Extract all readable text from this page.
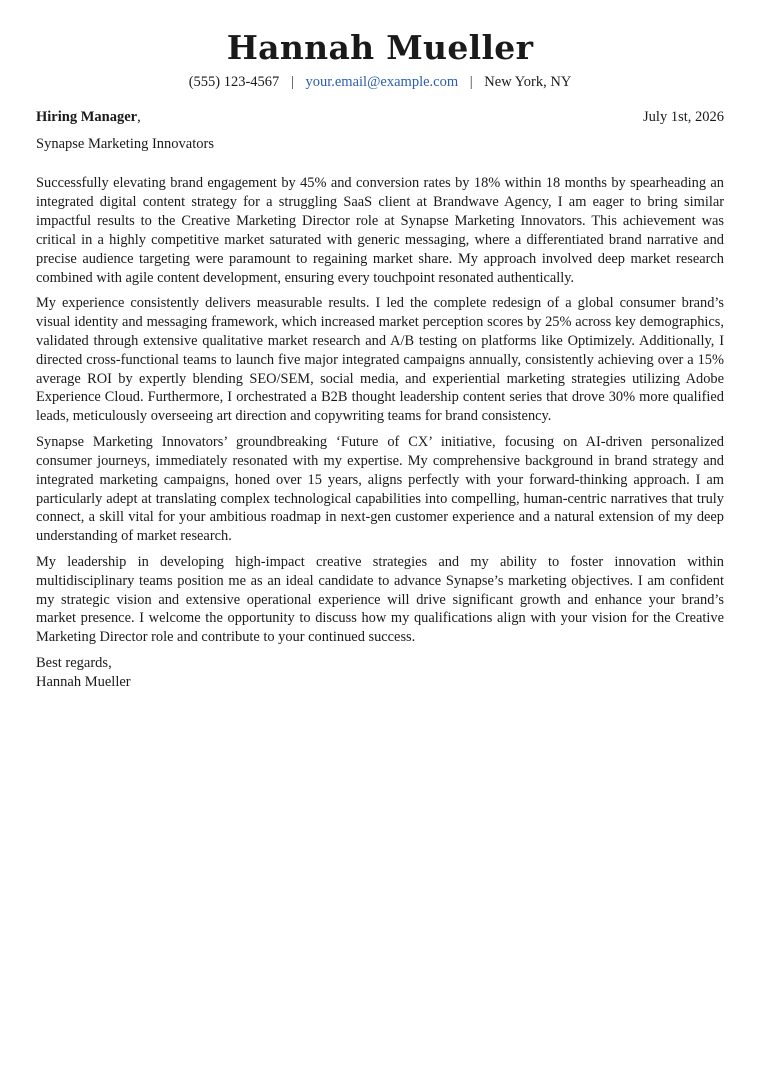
Hannah Mueller
(555) 123-4567 | your.email@example.com | New York, NY
Hiring Manager,	July 1st, 2026
Synapse Marketing Innovators

Successfully elevating brand engagement by 45% and conversion rates by 18% within 18 months by spearheading an integrated digital content strategy for a struggling SaaS client at Brandwave Agency, I am eager to bring similar impactful results to the Creative Marketing Director role at Synapse Marketing Innovators. This achievement was critical in a highly competitive market saturated with generic messaging, where a differentiated brand narrative and precise audience targeting were paramount to regaining market share. My approach involved deep market research combined with agile content development, ensuring every touchpoint resonated authentically.

My experience consistently delivers measurable results. I led the complete redesign of a global consumer brand’s visual identity and messaging framework, which increased market perception scores by 25% across key demographics, validated through extensive qualitative market research and A/B testing on platforms like Optimizely. Additionally, I directed cross-functional teams to launch five major integrated campaigns annually, consistently achieving over a 15% average ROI by expertly blending SEO/SEM, social media, and experiential marketing strategies utilizing Adobe Experience Cloud. Furthermore, I orchestrated a B2B thought leadership content series that drove 30% more qualified leads, meticulously overseeing art direction and copywriting teams for brand consistency.

Synapse Marketing Innovators’ groundbreaking ‘Future of CX’ initiative, focusing on AI-driven personalized consumer journeys, immediately resonated with my expertise. My comprehensive background in brand strategy and integrated marketing campaigns, honed over 15 years, aligns perfectly with your forward-thinking approach. I am particularly adept at translating complex technological capabilities into compelling, human-centric narratives that truly connect, a skill vital for your ambitious roadmap in next-gen customer experience and a natural extension of my deep understanding of market research.

My leadership in developing high-impact creative strategies and my ability to foster innovation within multidisciplinary teams position me as an ideal candidate to advance Synapse’s marketing objectives. I am confident my strategic vision and extensive operational experience will drive significant growth and enhance your brand’s market presence. I welcome the opportunity to discuss how my qualifications align with your vision for the Creative Marketing Director role and contribute to your continued success.

Best regards,
Hannah Mueller
